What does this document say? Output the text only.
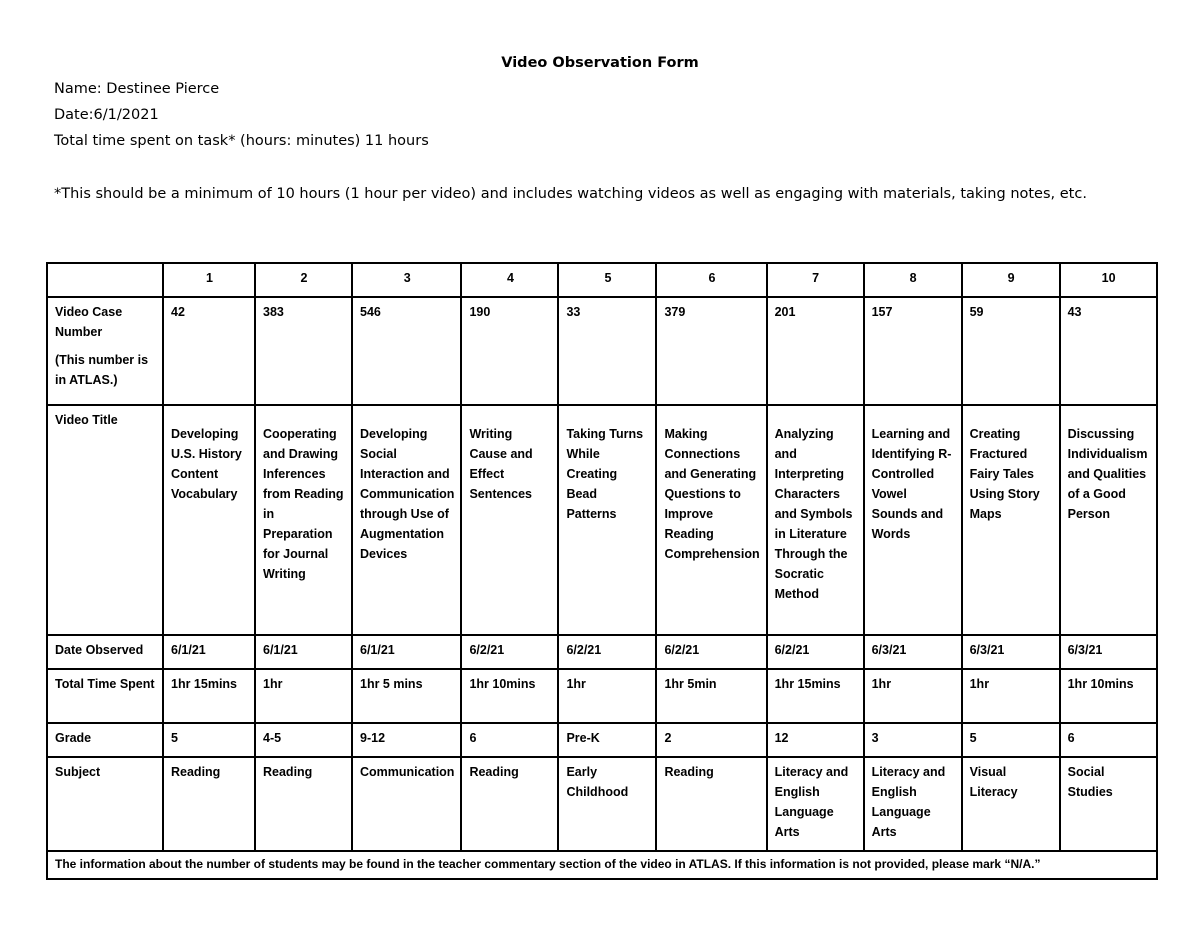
Video Observation Form
Name: Destinee Pierce
Date:6/1/2021
Total time spent on task* (hours: minutes) 11 hours
*This should be a minimum of 10 hours (1 hour per video) and includes watching videos as well as engaging with materials, taking notes, etc.
	1	2	3	4	5	6	7	8	9	10
Video Case Number
(This number is in ATLAS.)	42	383	546	190	33	379	201	157	59	43
Video Title	Developing U.S. History Content Vocabulary	Cooperating and Drawing Inferences from Reading in Preparation for Journal Writing	Developing Social Interaction and Communication through Use of Augmentation Devices	Writing Cause and Effect Sentences	Taking Turns While Creating Bead Patterns	Making Connections and Generating Questions to Improve Reading Comprehension	Analyzing and Interpreting Characters and Symbols in Literature Through the Socratic Method	Learning and Identifying R- Controlled Vowel Sounds and Words	Creating Fractured Fairy Tales Using Story Maps	Discussing Individualism and Qualities of a Good Person
Date Observed	6/1/21	6/1/21	6/1/21	6/2/21	6/2/21	6/2/21	6/2/21	6/3/21	6/3/21	6/3/21
Total Time Spent	1hr 15mins	1hr	1hr 5 mins	1hr 10mins	1hr	1hr 5min	1hr 15mins	1hr	1hr	1hr 10mins
Grade	5	4-5	9-12	6	Pre-K	2	12	3	5	6
Subject	Reading	Reading	Communication	Reading	Early Childhood	Reading	Literacy and English Language Arts	Literacy and English Language Arts	Visual Literacy	Social Studies
The information about the number of students may be found in the teacher commentary section of the video in ATLAS. If this information is not provided, please mark “N/A.”										
